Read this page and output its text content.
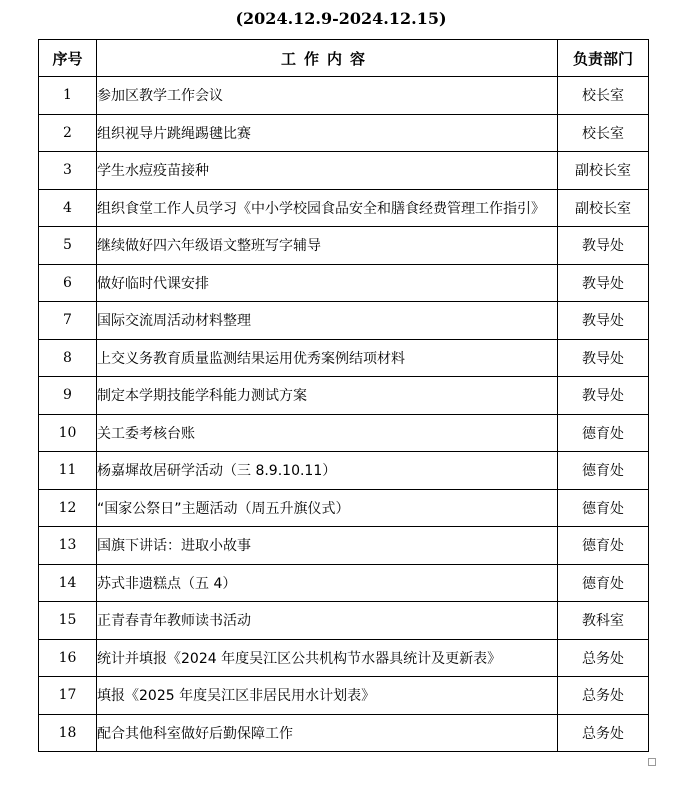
(2024.12.9-2024.12.15)
序号	工作内容	负责部门
1	参加区教学工作会议	校长室
2	组织视导片跳绳踢毽比赛	校长室
3	学生水痘疫苗接种	副校长室
4	组织食堂工作人员学习《中小学校园食品安全和膳食经费管理工作指引》	副校长室
5	继续做好四六年级语文整班写字辅导	教导处
6	做好临时代课安排	教导处
7	国际交流周活动材料整理	教导处
8	上交义务教育质量监测结果运用优秀案例结项材料	教导处
9	制定本学期技能学科能力测试方案	教导处
10	关工委考核台账	德育处
11	杨嘉墀故居研学活动（三 8.9.10.11）	德育处
12	“国家公祭日”主题活动（周五升旗仪式）	德育处
13	国旗下讲话：进取小故事	德育处
14	苏式非遗糕点（五 4）	德育处
15	正青春青年教师读书活动	教科室
16	统计并填报《2024 年度吴江区公共机构节水器具统计及更新表》	总务处
17	填报《2025 年度吴江区非居民用水计划表》	总务处
18	配合其他科室做好后勤保障工作	总务处
